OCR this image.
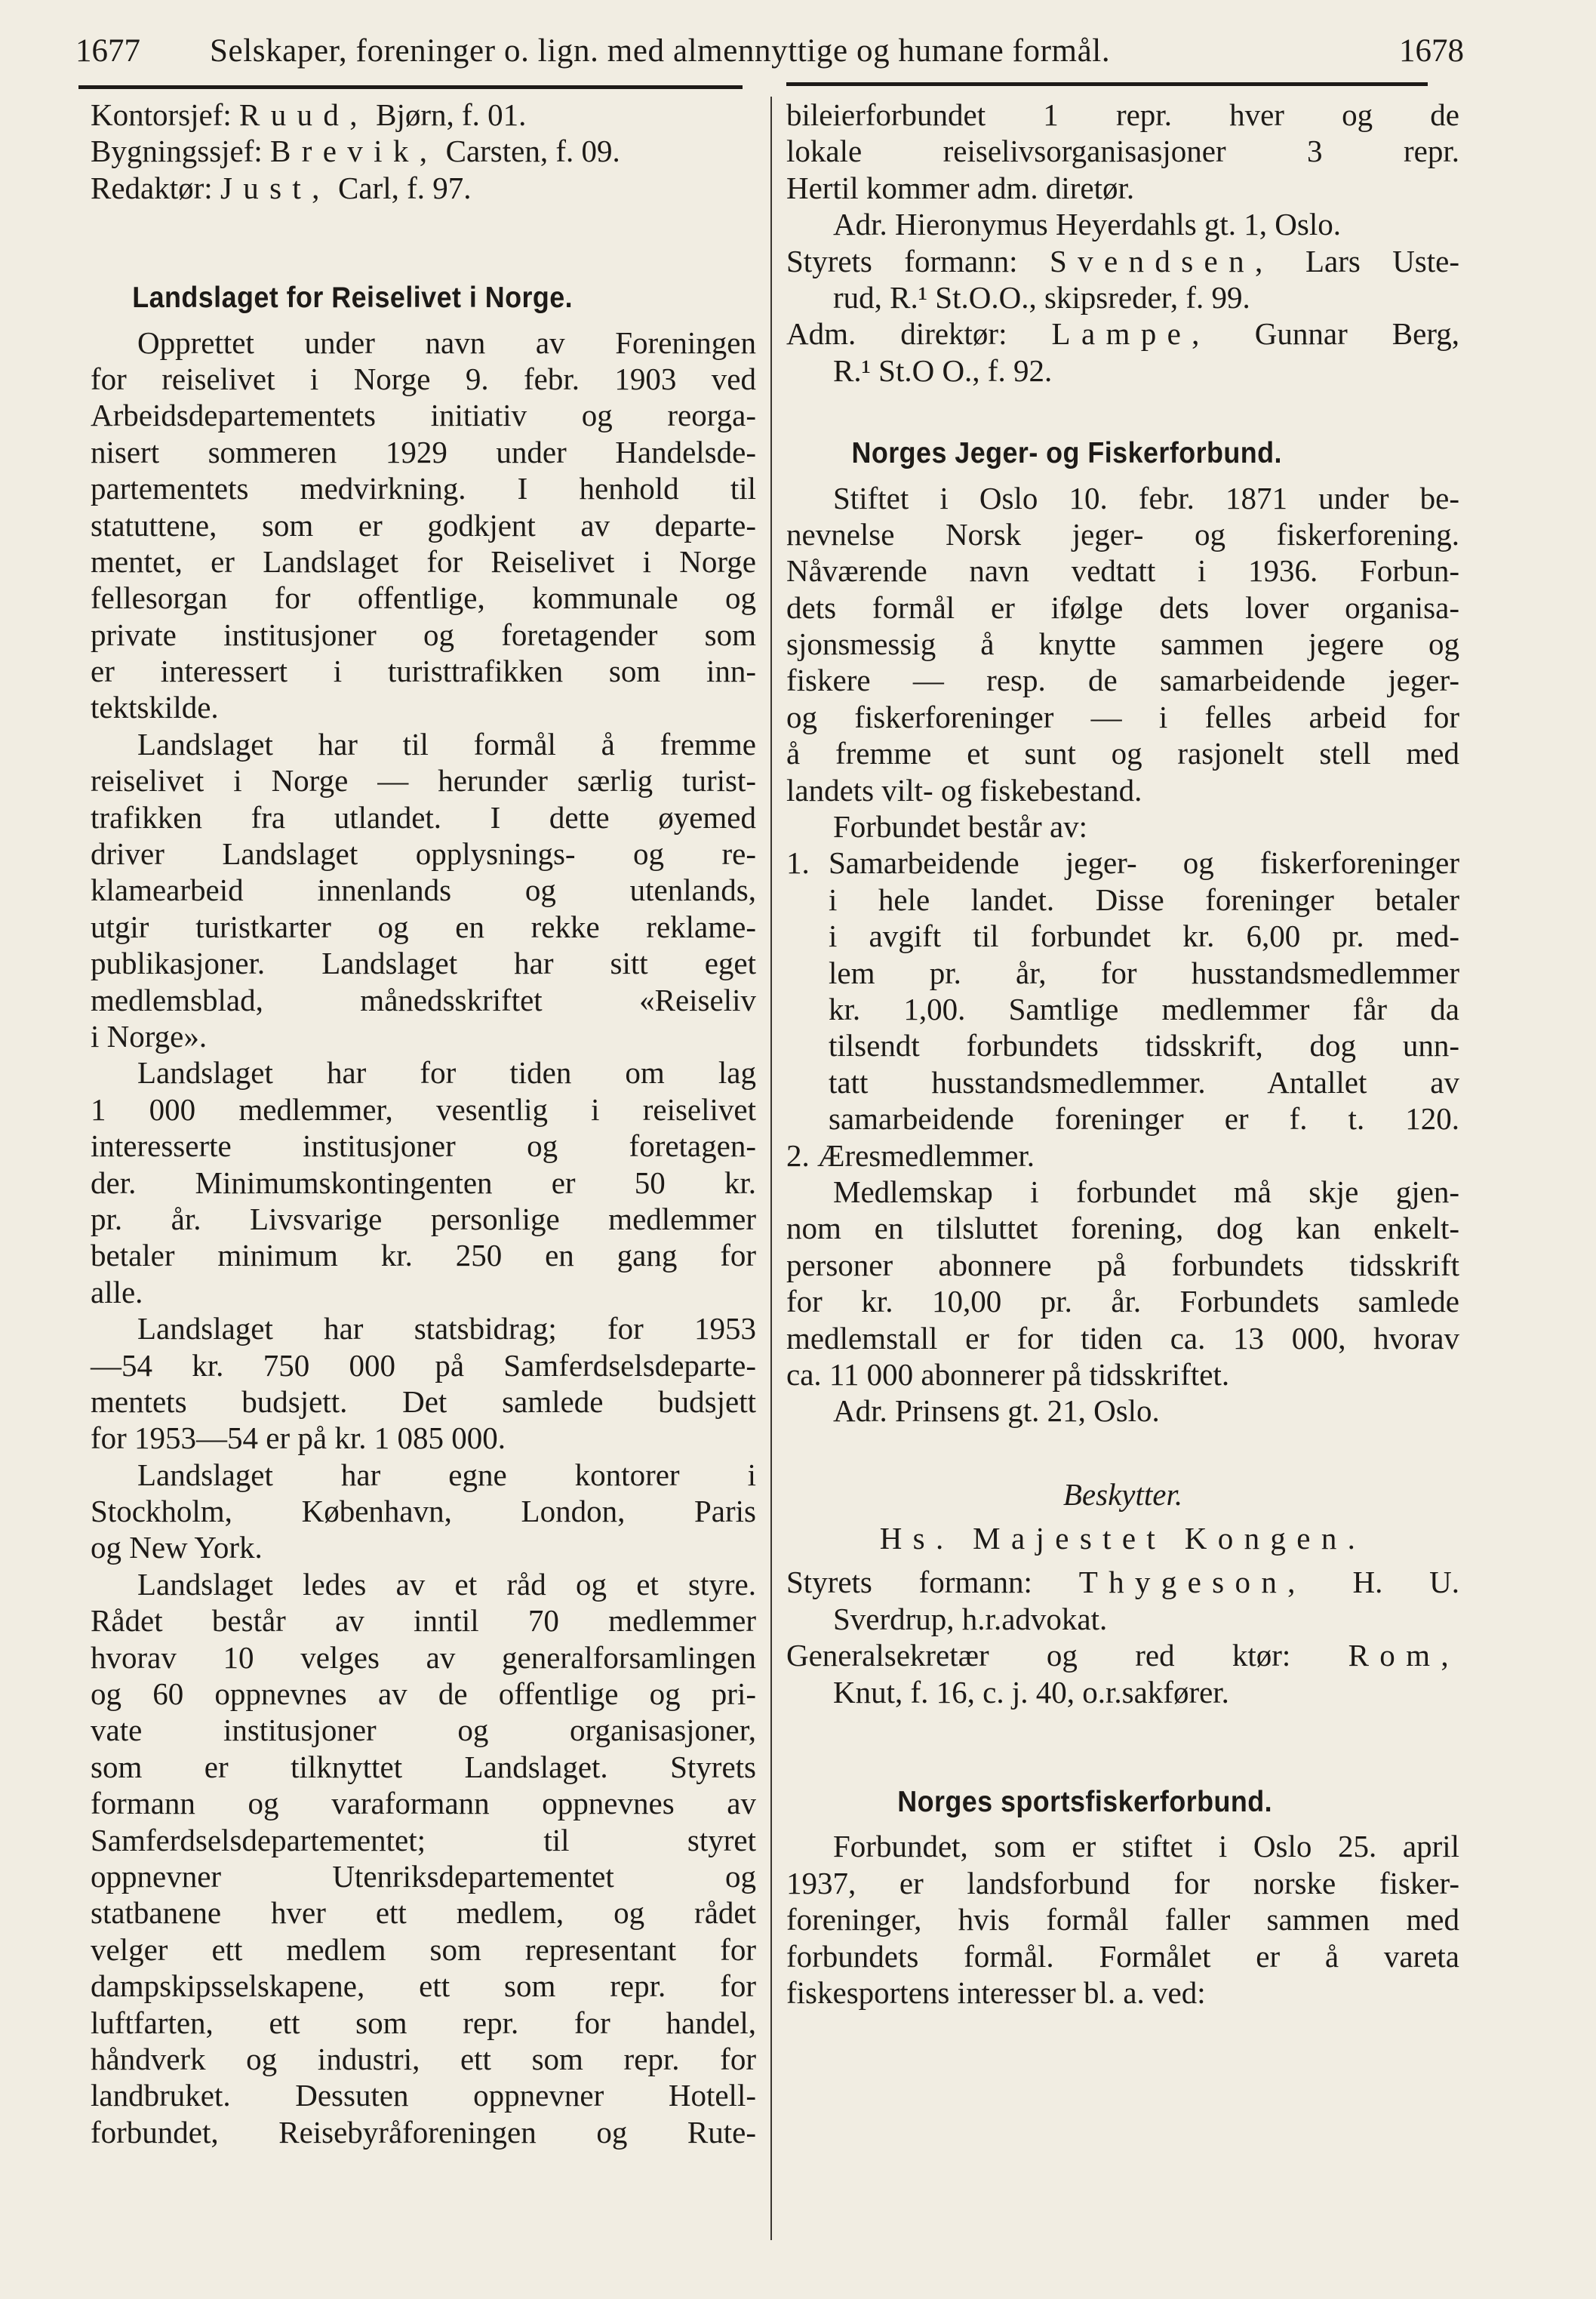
1677 Selskaper, foreninger o. lign. med almennyttige og humane formål.	1678
Kontorsjef: Ruud, Bjørn, f. 01.
Bygningssjef: Brevik, Carsten, f. 09.
Redaktør: Just, Carl, f. 97.
Landslaget for Reiselivet i Norge.
Opprettet under navn av Foreningen
for reiselivet i Norge 9. febr. 1903 ved
Arbeidsdepartementets initiativ og reorga-
nisert sommeren 1929 under Handelsde-
partementets medvirkning. I henhold til
statuttene, som er godkjent av departe-
mentet, er Landslaget for Reiselivet i Norge
fellesorgan for offentlige, kommunale og
private institusjoner og foretagender som
er interessert i turisttrafikken som inn-
tektskilde.
Landslaget har til formål å fremme
reiselivet i Norge — herunder særlig turist-
trafikken fra utlandet. I dette øyemed
driver Landslaget opplysnings- og re-
klamearbeid innenlands og utenlands,
utgir turistkarter og en rekke reklame-
publikasjoner. Landslaget har sitt eget
medlemsblad, månedsskriftet «Reiseliv
i Norge».
Landslaget har for tiden om lag
1 000 medlemmer, vesentlig i reiselivet
interesserte institusjoner og foretagen-
der. Minimumskontingenten er 50 kr.
pr. år. Livsvarige personlige medlemmer
betaler minimum kr. 250 en gang for
alle.
Landslaget har statsbidrag; for 1953
—54 kr. 750 000 på Samferdselsdeparte-
mentets budsjett. Det samlede budsjett
for 1953—54 er på kr. 1 085 000.
Landslaget har egne kontorer i
Stockholm, København, London, Paris
og New York.
Landslaget ledes av et råd og et styre.
Rådet består av inntil 70 medlemmer
hvorav 10 velges av generalforsamlingen
og 60 oppnevnes av de offentlige og pri-
vate institusjoner og organisasjoner,
som er tilknyttet Landslaget. Styrets
formann og varaformann oppnevnes av
Samferdselsdepartementet; til styret
oppnevner Utenriksdepartementet og
statbanene hver ett medlem, og rådet
velger ett medlem som representant for
dampskipsselskapene, ett som repr. for
luftfarten, ett som repr. for handel,
håndverk og industri, ett som repr. for
landbruket. Dessuten oppnevner Hotell-
forbundet, Reisebyråforeningen og Rute-
bileierforbundet 1 repr. hver og de
lokale reiselivsorganisasjoner 3 repr.
Hertil kommer adm. diretør.
Adr. Hieronymus Heyerdahls gt. 1, Oslo.
Styrets formann: Svendsen, Lars Uste-
rud, R.¹ St.O.O., skipsreder, f. 99.
Adm. direktør: Lampe, Gunnar Berg,
R.¹ St.O O., f. 92.
Norges Jeger- og Fiskerforbund.
Stiftet i Oslo 10. febr. 1871 under be-
nevnelse Norsk jeger- og fiskerforening.
Nåværende navn vedtatt i 1936. Forbun-
dets formål er ifølge dets lover organisa-
sjonsmessig å knytte sammen jegere og
fiskere — resp. de samarbeidende jeger-
og fiskerforeninger — i felles arbeid for
å fremme et sunt og rasjonelt stell med
landets vilt- og fiskebestand.
Forbundet består av:
1. Samarbeidende jeger- og fiskerforeninger
i hele landet. Disse foreninger betaler
i avgift til forbundet kr. 6,00 pr. med-
lem pr. år, for husstandsmedlemmer
kr. 1,00. Samtlige medlemmer får da
tilsendt forbundets tidsskrift, dog unn-
tatt husstandsmedlemmer. Antallet av
samarbeidende foreninger er f. t. 120.
2. Æresmedlemmer.
Medlemskap i forbundet må skje gjen-
nom en tilsluttet forening, dog kan enkelt-
personer abonnere på forbundets tidsskrift
for kr. 10,00 pr. år. Forbundets samlede
medlemstall er for tiden ca. 13 000, hvorav
ca. 11 000 abonnerer på tidsskriftet.
Adr. Prinsens gt. 21, Oslo.
Beskytter.
Hs. Majestet Kongen.
Styrets formann: Thygeson, H. U.
Sverdrup, h.r.advokat.
Generalsekretær og red ktør: Rom,
Knut, f. 16, c. j. 40, o.r.sakfører.
Norges sportsfiskerforbund.
Forbundet, som er stiftet i Oslo 25. april
1937, er landsforbund for norske fisker-
foreninger, hvis formål faller sammen med
forbundets formål. Formålet er å vareta
fiskesportens interesser bl. a. ved:
